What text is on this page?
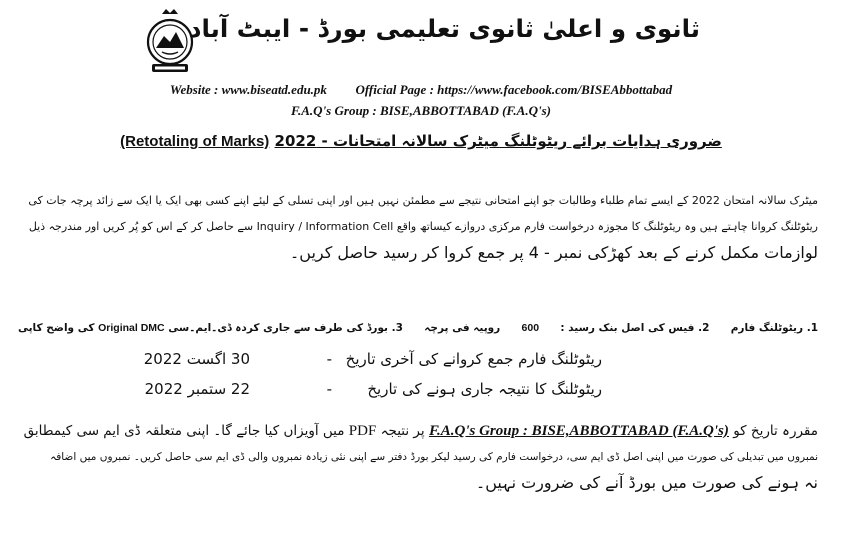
ثانوی و اعلیٰ ثانوی تعلیمی بورڈ - ایبٹ آباد
Website : www.biseatd.edu.pk Official Page : https://www.facebook.com/BISEAbbottabad
F.A.Q's Group : BISE,ABBOTTABAD (F.A.Q's)
(Retotaling of Marks) ضروری ہدایات برائے ریٹوٹلنگ میٹرک سالانہ امتحانات - 2022
میٹرک سالانہ امتحان 2022 کے ایسے تمام طلباء وطالبات جو اپنے امتحانی نتیجے سے مطمئن نہیں ہیں اور اپنی تسلی کے لیئے اپنے کسی بھی ایک یا ایک سے زائد پرچہ جات کی
ریٹوٹلنگ کروانا چاہتے ہیں وہ ریٹوٹلنگ کا مجوزہ درخواست فارم مرکزی دروازے کیساتھ واقع Inquiry / Information Cell سے حاصل کر کے اس کو پُر کریں اور مندرجہ ذیل
لوازمات مکمل کرنے کے بعد کھڑکی نمبر - 4 پر جمع کروا کر رسید حاصل کریں۔
1. ریٹوٹلنگ فارم  2. فیس کی اصل بنک رسید :  600  روپیہ فی پرچہ  3. بورڈ کی طرف سے جاری کردہ ڈی۔ایم۔سی Original DMC کی واضح کاپی
ریٹوٹلنگ فارم جمع کروانے کی آخری تاریخ
-
30 اگست 2022
ریٹوٹلنگ کا نتیجہ جاری ہونے کی تاریخ
-
22 ستمبر 2022
مقررہ تاریخ کو F.A.Q's Group : BISE,ABBOTTABAD (F.A.Q's) پر نتیجہ PDF میں آویزاں کیا جائے گا۔ اپنی متعلقہ ڈی ایم سی کیمطابق
نمبروں میں تبدیلی کی صورت میں اپنی اصل ڈی ایم سی، درخواست فارم کی رسید لیکر بورڈ دفتر سے اپنی نئی زیادہ نمبروں والی ڈی ایم سی حاصل کریں۔ نمبروں میں اضافہ
نہ ہونے کی صورت میں بورڈ آنے کی ضرورت نہیں۔
